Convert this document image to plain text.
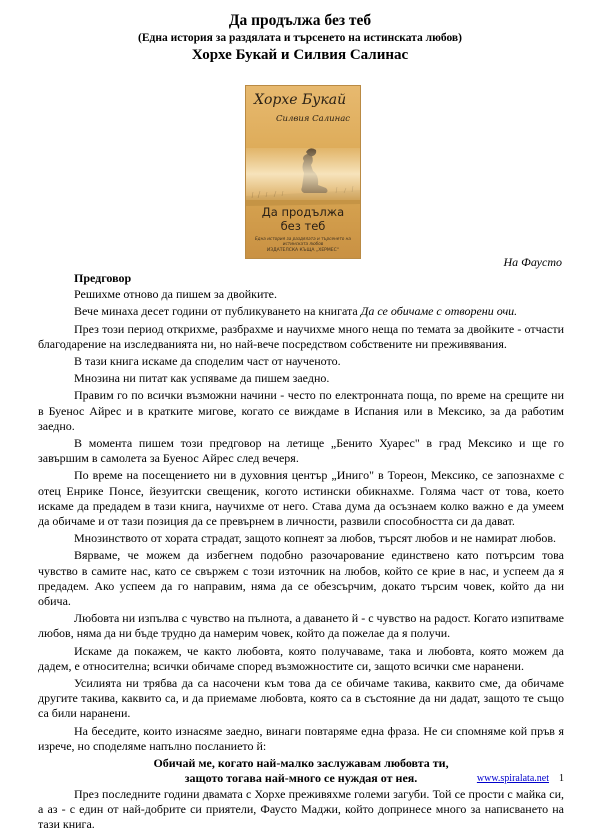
Да продължа без теб
(Една история за раздялата и търсенето на истинската любов)
Хорхе Букай и Силвия Салинас
Хорхе Букай
Силвия Салинас
Да продължа
без теб
Една история за раздялата и търсенето на истинската любов
ИЗДАТЕЛСКА КЪЩА „ХЕРМЕС“
На Фаусто

Предговор

Решихме отново да пишем за двойките.

Вече минаха десет години от публикуването на книгата Да се обичаме с отворени очи.

През този период открихме, разбрахме и научихме много неща по темата за двойките - отчасти благодарение на изследванията ни, но най-вече посредством собствените ни преживявания.

В тази книга искаме да споделим част от наученото.

Мнозина ни питат как успяваме да пишем заедно.

Правим го по всички възможни начини - често по електронната поща, по време на срещите ни в Буенос Айрес и в кратките мигове, когато се виждаме в Испания или в Мексико, за да работим заедно.

В момента пишем този предговор на летище „Бенито Хуарес" в град Мексико и ще го завършим в самолета за Буенос Айрес след вечеря.

По време на посещението ни в духовния център „Инигo" в Тореон, Мексико, се запознахме с отец Енрике Понсе, йезуитски свещеник, когото истински обикнахме. Голяма част от това, което искаме да предадем в тази книга, научихме от него. Става дума да осъзнаем колко важно е да умеем да обичаме и от тази позиция да се превърнем в личности, развили способността си да дават.

Мнозинството от хората страдат, защото копнеят за любов, търсят любов и не намират любов.

Вярваме, че можем да избегнем подобно разочарование единствено като потърсим това чувство в самите нас, като се свържем с този източник на любов, който се крие в нас, и успеем да я предадем. Ако успеем да го направим, няма да се обезсърчим, докато търсим човек, който да ни обича.

Любовта ни изпълва с чувство на пълнота, а даването й - с чувство на радост. Когато изпитваме любов, няма да ни бъде трудно да намерим човек, който да пожелае да я получи.

Искаме да покажем, че както любовта, която получаваме, така и любовта, която можем да дадем, е относителна; всички обичаме според възможностите си, защото всички сме наранени.

Усилията ни трябва да са насочени към това да се обичаме такива, каквито сме, да обичаме другите такива, каквито са, и да приемаме любовта, която са в състояние да ни дадат, защото те също са били наранени.

На беседите, които изнасяме заедно, винаги повтаряме една фраза. Не си спомняме кой пръв я изрече, но споделяме напълно посланието й:

Обичай ме, когато най-малко заслужавам любовта ти,

защото тогава най-много се нуждая от нея.

През последните години двамата с Хорхе преживяхме големи загуби. Той се прости с майка си, а аз - с един от най-добрите си приятели, Фаусто Маджи, който допринесе много за написването на тази книга.

www.spiralata.net 1
